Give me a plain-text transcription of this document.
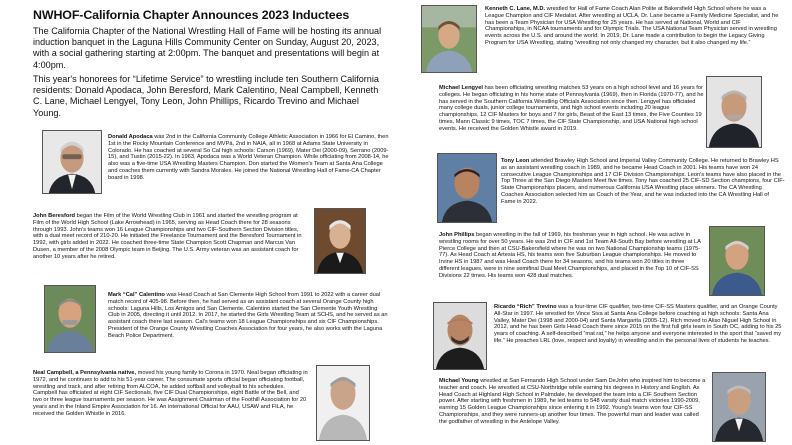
NWHOF-California Chapter Announces 2023 Inductees

The California Chapter of the National Wrestling Hall of Fame will be hosting its annual induction banquet in the Laguna Hills Community Center on Sunday, August 20, 2023, with a social gathering starting at 2:00pm. The banquet and presentations will begin at 4:00pm.

This year's honorees for “Lifetime Service” to wrestling include ten Southern California residents: Donald Apodaca, John Beresford, Mark Calentino, Neal Campbell, Kenneth C. Lane, Michael Lengyel, Tony Leon, John Phillips, Ricardo Trevino and Michael Young.

Donald Apodaca was 2nd in the California Community College Athletic Association in 1966 for El Camino, then 1st in the Rocky Mountain Conference and MVPä, 2nd in NAIA, all in 1968 at Adams State University in Colorado. He has coached at several So Cal high schools: Carson (1969), Mater Dei (2000-09), Serrano (2009-15), and Tustin (2015-22). In 1963, Apodaca was a World Veteran Champion. While officiating from 2008-14, he also was a five-time USA Wrestling Masters Champion. Don started the Women's Team at Santa Ana College and coaches them currently with Sandra Morales. He joined the National Wrestling Hall of Fame-CA Chapter board in 1998.

John Beresford began the Film of the World Wrestling Club in 1961 and started the wrestling program at Film of the World High School (Lake Arrowhead) in 1965, serving as Head Coach there for 28 seasons through 1993. John's teams won 16 League Championships and two CIF-Southern Section Division titles, with a dual meet record of 210-20. He initiated the Freelance Tournament and the Beresford Tournament in 1992, with girls added in 2022. He coached three-time State Champion Scott Chapman and Marcus Van Dusen, a member of the 2008 Olympic team in Beijing. The U.S. Army veteran was an assistant coach for another 10 years after he retired.

Mark “Cal” Calentino was Head Coach at San Clemente High School from 1991 to 2022 with a career dual match record of 405-98. Before then, he had served as an assistant coach at several Orange County high schools: Laguna Hills, Los Amigos and San Clemente. Calentino started the San Clemente Youth Wrestling Club in 2005, directing it until 2012. In 2017, he started the Girls Wrestling Team at SCHS, and he served as an assistant coach there last season. Cal's teams won 18 League Championships and six CIF Championships. President of the Orange County Wrestling Coaches Association for four years, he also works with the Laguna Beach Police Department.

Neal Campbell, a Pennsylvania native, moved his young family to Corona in 1970. Neal began officiating in 1972, and he continues to add to his 51-year career. The consumate sports official began officiating football, wrestling and track, and after retiring from ALCOA, he added softball and volleyball to his schedules. Campbell has officiated at eight CIF Sectionals, five CIF Dual Championships, eight Battle of the Bell, and two or three league tournaments per season. He was Assignment Chairman of the Foothill Association for 20 years and in the Inland Empire Association for 16. An international Official for AAU, USAW and FILA, he received the Golden Whistle in 2016.

Kenneth C. Lane, M.D. wrestled for Hall of Fame Coach Alan Polite at Bakersfield High School where he was a League Champion and CIF Medalist. After wrestling at UCLA, Dr. Lane became a Family Medicine Specialist, and he has been a Team Physician for USA Wrestling for 25 years. He has served at National, World and CIF Championships, in NCAA tournaments and for Olympic Trials. The USA National Team Physician served in wrestling events across the U.S. and around the world. In 2019, Dr. Lane made a contribution to begin the Legacy Giving Program for USA Wrestling, stating “wrestling not only changed my character, but it also changed my life.”

Michael Lengyel has been officiating wrestling matches 53 years on a high school level and 16 years for colleges. He began officiating in his home state of Pennsylvania (1969), then in Florida (1970-77), and he has served in the Southern California Wrestling Officials Association since then. Lengyel has officiated many college duals, junior college tournaments, and high school events including 20 league championships, 12 CIF Masters for boys and 7 for girls, Beast of the East 13 times, the Five Counties 19 times, Mann Classic 9 times, TOC 7 times, the CIF State Championship, and USA National high school events. He received the Golden Whistle award in 2019.

Tony Leon attended Brawley High School and Imperial Valley Community College. He returned to Brawley HS as an assistant wrestling coach in 1989, and he became Head Coach in 2001. His teams have won 24 consecutive League Championships and 17 CIF Division Championships. Leon's teams have also placed in the Top Three at the San Diego Masters Meet five times. Tony has coached 25 CIF-SD Section champions, four CIF-State Championships placers, and numerous California USA Wrestling place winners. The CA Wrestling Coaches Association selected him as Coach of the Year, and he was inducted into the CA Wrestling Hall of Fame in 2022.

John Phillips began wrestling in the fall of 1969, his freshman year in high school. He was active in wrestling rooms for over 50 years. He was 2nd in CIF and 1st Team All-South Bay before wrestling at LA Pierce College and then at CSU-Bakersfield where he was on two National Championship teams (1975-77). As Head Coach at Artesia HS, his teams won five Suburban League championships. He moved to Irvine HS in 1987 and was Head Coach there for 34 seasons, and his teams won 20 titles in three different leagues, were in nine semifinal Dual Meet Championships, and placed in the Top 10 of CIF-SS Divisions 22 times. His teams won 428 dual matches.

Ricardo “Rich” Trevino was a four-time CIF qualifier, two-time CIF-SS Masters qualifier, and an Orange County All-Star in 1997. He wrestled for Vince Siva at Santa Ana College before coaching at high schools: Santa Ana Valley, Mater Dei (1998 and 2000-04) and Santa Margarita (2005-12). Rich moved to Aliso Niguel High School in 2012, and he has been Girls Head Coach there since 2015 on the first full girls team in South OC, adding to his 25 years of coaching. A self-described “mat rat,” he helps anyone and everyone interested in the sport that “saved my life.” He preaches LRL (love, respect and loyalty) in wrestling and in the personal lives of students he teaches.

Michael Young wrestled at San Fernando High School under Sam DeJohn who inspired him to become a teacher and coach. He wrestled at CSU-Northridge while earning his degrees in History and English. As Head Coach at Highland High School in Palmdale, he developed the team into a CIF Southern Section power. After starting with freshmen in 1989, he led teams to 548 varsity dual match victories 1990-2009, earning 15 Golden League Championships since entering it in 1992. Young's teams won four CIF-SS Championships, and they were runners-up another four times. The powerful man and leader was called the godfather of wrestling in the Antelope Valley.
